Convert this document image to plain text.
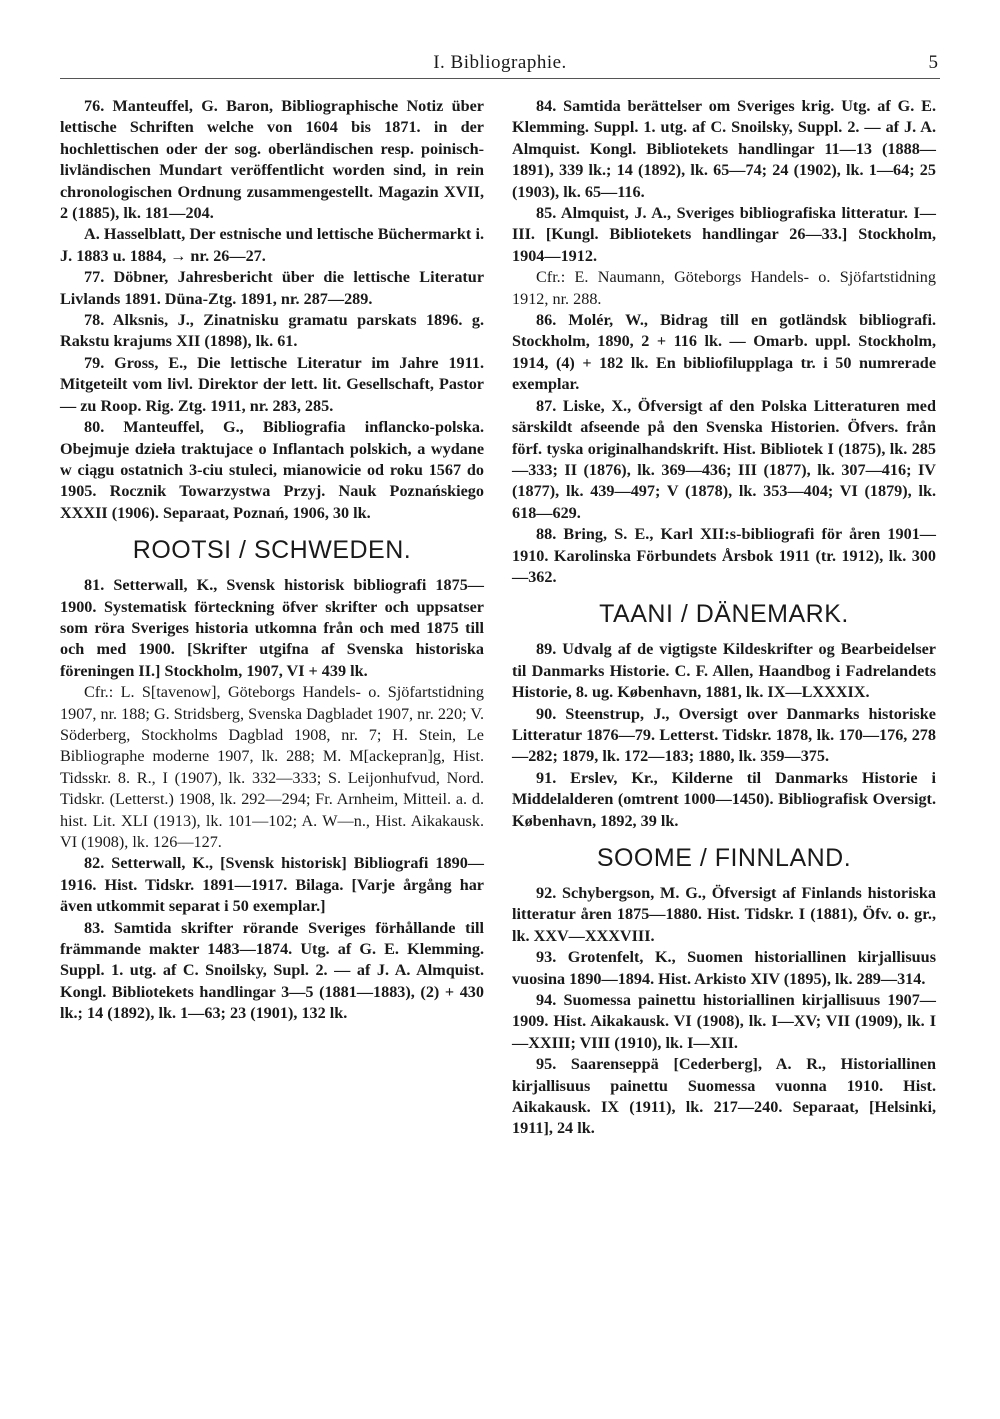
I. Bibliographie.	5

76. Manteuffel, G. Baron, Bibliographische Notiz über lettische Schriften welche von 1604 bis 1871. in der hochlettischen oder der sog. oberländischen resp. poinisch-livländischen Mundart veröffentlicht worden sind, in rein chronologischen Ordnung zusammengestellt. Magazin XVII, 2 (1885), lk. 181—204.

A. Hasselblatt, Der estnische und lettische Büchermarkt i. J. 1883 u. 1884, → nr. 26—27.

77. Döbner, Jahresbericht über die lettische Literatur Livlands 1891. Düna-Ztg. 1891, nr. 287—289.

78. Alksnis, J., Zinatnisku gramatu parskats 1896. g. Rakstu krajums XII (1898), lk. 61.

79. Gross, E., Die lettische Literatur im Jahre 1911. Mitgeteilt vom livl. Direktor der lett. lit. Gesellschaft, Pastor — zu Roop. Rig. Ztg. 1911, nr. 283, 285.

80. Manteuffel, G., Bibliografia inflancko-polska. Obejmuje dzieła traktujace o Inflantach polskich, a wydane w ciągu ostatnich 3-ciu stuleci, mianowicie od roku 1567 do 1905. Rocznik Towarzystwa Przyj. Nauk Poznańskiego XXXII (1906). Separaat, Poznań, 1906, 30 lk.

ROOTSI / SCHWEDEN.

81. Setterwall, K., Svensk historisk bibliografi 1875—1900. Systematisk förteckning öfver skrifter och uppsatser som röra Sveriges historia utkomna från och med 1875 till och med 1900. [Skrifter utgifna af Svenska historiska föreningen II.] Stockholm, 1907, VI + 439 lk.

Cfr.: L. S[tavenow], Göteborgs Handels- o. Sjöfartstidning 1907, nr. 188; G. Stridsberg, Svenska Dagbladet 1907, nr. 220; V. Söderberg, Stockholms Dagblad 1908, nr. 7; H. Stein, Le Bibliographe moderne 1907, lk. 288; M. M[ackepran]g, Hist. Tidsskr. 8. R., I (1907), lk. 332—333; S. Leijonhufvud, Nord. Tidskr. (Letterst.) 1908, lk. 292—294; Fr. Arnheim, Mitteil. a. d. hist. Lit. XLI (1913), lk. 101—102; A. W—n., Hist. Aikakausk. VI (1908), lk. 126—127.

82. Setterwall, K., [Svensk historisk] Bibliografi 1890—1916. Hist. Tidskr. 1891—1917. Bilaga. [Varje årgång har även utkommit separat i 50 exemplar.]

83. Samtida skrifter rörande Sveriges förhållande till främmande makter 1483—1874. Utg. af G. E. Klemming. Suppl. 1. utg. af C. Snoilsky, Supl. 2. — af J. A. Almquist. Kongl. Bibliotekets handlingar 3—5 (1881—1883), (2) + 430 lk.; 14 (1892), lk. 1—63; 23 (1901), 132 lk.

84. Samtida berättelser om Sveriges krig. Utg. af G. E. Klemming. Suppl. 1. utg. af C. Snoilsky, Suppl. 2. — af J. A. Almquist. Kongl. Bibliotekets handlingar 11—13 (1888—1891), 339 lk.; 14 (1892), lk. 65—74; 24 (1902), lk. 1—64; 25 (1903), lk. 65—116.

85. Almquist, J. A., Sveriges bibliografiska litteratur. I—III. [Kungl. Bibliotekets handlingar 26—33.] Stockholm, 1904—1912.

Cfr.: E. Naumann, Göteborgs Handels- o. Sjöfartstidning 1912, nr. 288.

86. Molér, W., Bidrag till en gotländsk bibliografi. Stockholm, 1890, 2 + 116 lk. — Omarb. uppl. Stockholm, 1914, (4) + 182 lk. En bibliofilupplaga tr. i 50 numrerade exemplar.

87. Liske, X., Öfversigt af den Polska Litteraturen med särskildt afseende på den Svenska Historien. Öfvers. från förf. tyska originalhandskrift. Hist. Bibliotek I (1875), lk. 285—333; II (1876), lk. 369—436; III (1877), lk. 307—416; IV (1877), lk. 439—497; V (1878), lk. 353—404; VI (1879), lk. 618—629.

88. Bring, S. E., Karl XII:s-bibliografi för åren 1901—1910. Karolinska Förbundets Årsbok 1911 (tr. 1912), lk. 300—362.

TAANI / DÄNEMARK.

89. Udvalg af de vigtigste Kildeskrifter og Bearbeidelser til Danmarks Historie. C. F. Allen, Haandbog i Fadrelandets Historie, 8. ug. København, 1881, lk. IX—LXXXIX.

90. Steenstrup, J., Oversigt over Danmarks historiske Litteratur 1876—79. Letterst. Tidskr. 1878, lk. 170—176, 278—282; 1879, lk. 172—183; 1880, lk. 359—375.

91. Erslev, Kr., Kilderne til Danmarks Historie i Middelalderen (omtrent 1000—1450). Bibliografisk Oversigt. København, 1892, 39 lk.

SOOME / FINNLAND.

92. Schybergson, M. G., Öfversigt af Finlands historiska litteratur åren 1875—1880. Hist. Tidskr. I (1881), Öfv. o. gr., lk. XXV—XXXVIII.

93. Grotenfelt, K., Suomen historiallinen kirjallisuus vuosina 1890—1894. Hist. Arkisto XIV (1895), lk. 289—314.

94. Suomessa painettu historiallinen kirjallisuus 1907—1909. Hist. Aikakausk. VI (1908), lk. I—XV; VII (1909), lk. I—XXIII; VIII (1910), lk. I—XII.

95. Saarenseppä [Cederberg], A. R., Historiallinen kirjallisuus painettu Suomessa vuonna 1910. Hist. Aikakausk. IX (1911), lk. 217—240. Separaat, [Helsinki, 1911], 24 lk.
